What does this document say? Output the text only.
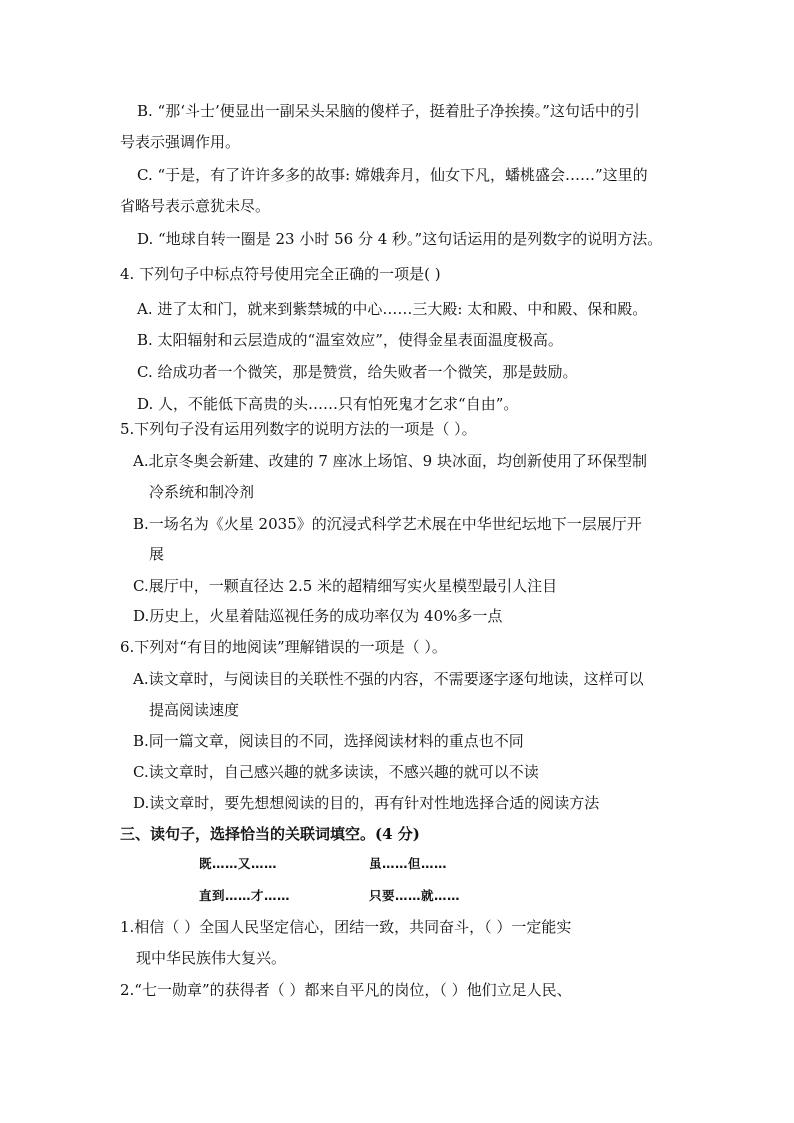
B. “那‘斗士’便显出一副呆头呆脑的傻样子，挺着肚子净挨揍。”这句话中的引
号表示强调作用。
C. “于是，有了许许多多的故事: 嫦娥奔月，仙女下凡，蟠桃盛会……”这里的
省略号表示意犹未尽。
D. “地球自转一圈是 23 小时 56 分 4 秒。”这句话运用的是列数字的说明方法。
4. 下列句子中标点符号使用完全正确的一项是( )
A. 进了太和门，就来到紫禁城的中心……三大殿: 太和殿、中和殿、保和殿。
B. 太阳辐射和云层造成的“温室效应”，使得金星表面温度极高。
C. 给成功者一个微笑，那是赞赏，给失败者一个微笑，那是鼓励。
D. 人，不能低下高贵的头……只有怕死鬼才乞求“自由”。
5.下列句子没有运用列数字的说明方法的一项是（ ）。
A.北京冬奥会新建、改建的 7 座冰上场馆、9 块冰面，均创新使用了环保型制
冷系统和制冷剂
B.一场名为《火星 2035》的沉浸式科学艺术展在中华世纪坛地下一层展厅开
展
C.展厅中，一颗直径达 2.5 米的超精细写实火星模型最引人注目
D.历史上，火星着陆巡视任务的成功率仅为 40%多一点
6.下列对“有目的地阅读”理解错误的一项是（ ）。
A.读文章时，与阅读目的关联性不强的内容，不需要逐字逐句地读，这样可以
提高阅读速度
B.同一篇文章，阅读目的不同，选择阅读材料的重点也不同
C.读文章时，自己感兴趣的就多读读，不感兴趣的就可以不读
D.读文章时，要先想想阅读的目的，再有针对性地选择合适的阅读方法
三、读句子，选择恰当的关联词填空。(4 分)
既……又……	虽……但……
直到……才……	只要……就……
1.相信（ ）全国人民坚定信心，团结一致，共同奋斗，（ ）一定能实
现中华民族伟大复兴。
2.“七一勋章”的获得者（ ）都来自平凡的岗位，（ ）他们立足人民、
